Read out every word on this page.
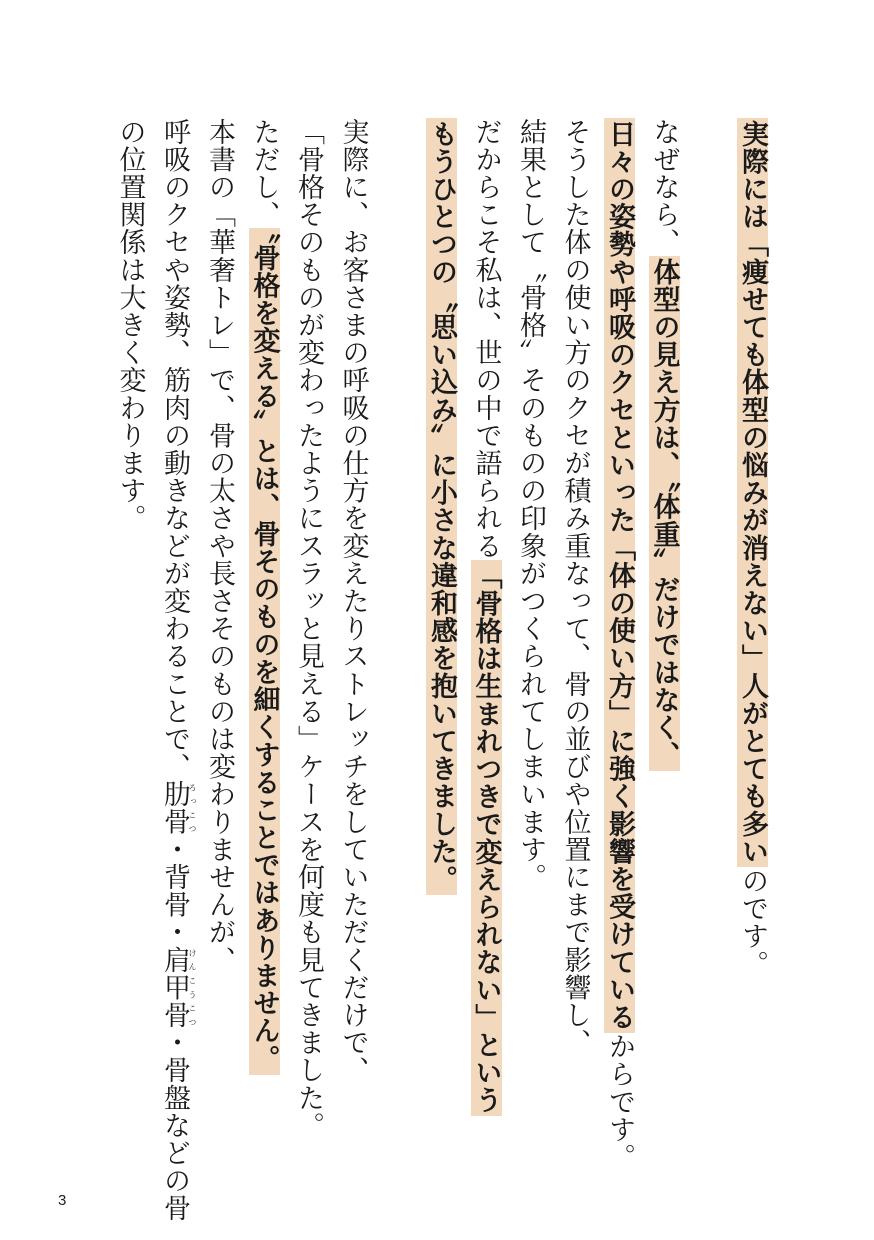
実際には「痩せても体型の悩みが消えない」人がとても多いのです。
なぜなら、体型の見え方は、〝体重〟だけではなく、
日々の姿勢や呼吸のクセといった「体の使い方」に強く影響を受けているからです。
そうした体の使い方のクセが積み重なって、骨の並びや位置にまで影響し、
結果として〝骨格〟そのものの印象がつくられてしまいます。
だからこそ私は、世の中で語られる「骨格は生まれつきで変えられない」という
もうひとつの〝思い込み〟に小さな違和感を抱いてきました。
実際に、お客さまの呼吸の仕方を変えたりストレッチをしていただくだけで、
「骨格そのものが変わったようにスラッと見える」ケースを何度も見てきました。
ただし、〝骨格を変える〟とは、骨そのものを細くすることではありません。
本書の「華奢トレ」で、骨の太さや長さそのものは変わりませんが、
呼吸のクセや姿勢、筋肉の動きなどが変わることで、肋骨ろっこつ・背骨・肩甲骨けんこうこつ・骨盤などの骨
の位置関係は大きく変わります。
3
